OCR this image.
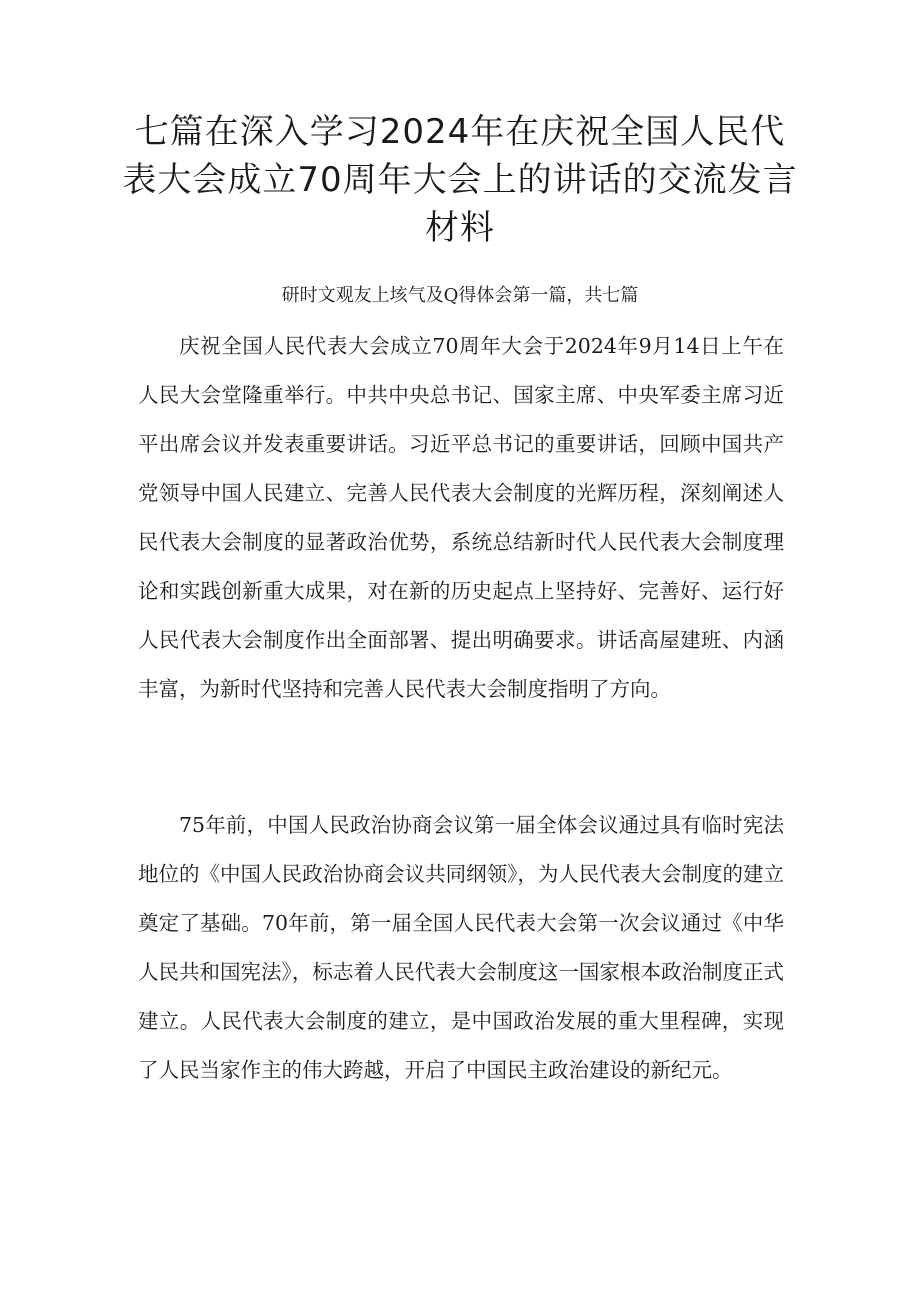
七篇在深入学习2024年在庆祝全国人民代表大会成立70周年大会上的讲话的交流发言材料
研时文观友上垓气及Q得体会第一篇，共七篇

庆祝全国人民代表大会成立70周年大会于2024年9月14日上午在人民大会堂隆重举行。中共中央总书记、国家主席、中央军委主席习近平出席会议并发表重要讲话。习近平总书记的重要讲话，回顾中国共产党领导中国人民建立、完善人民代表大会制度的光辉历程，深刻阐述人民代表大会制度的显著政治优势，系统总结新时代人民代表大会制度理论和实践创新重大成果，对在新的历史起点上坚持好、完善好、运行好人民代表大会制度作出全面部署、提出明确要求。讲话高屋建班、内涵丰富，为新时代坚持和完善人民代表大会制度指明了方向。

75年前，中国人民政治协商会议第一届全体会议通过具有临时宪法地位的《中国人民政治协商会议共同纲领》，为人民代表大会制度的建立奠定了基础。70年前，第一届全国人民代表大会第一次会议通过《中华人民共和国宪法》，标志着人民代表大会制度这一国家根本政治制度正式建立。人民代表大会制度的建立，是中国政治发展的重大里程碑，实现了人民当家作主的伟大跨越，开启了中国民主政治建设的新纪元。
